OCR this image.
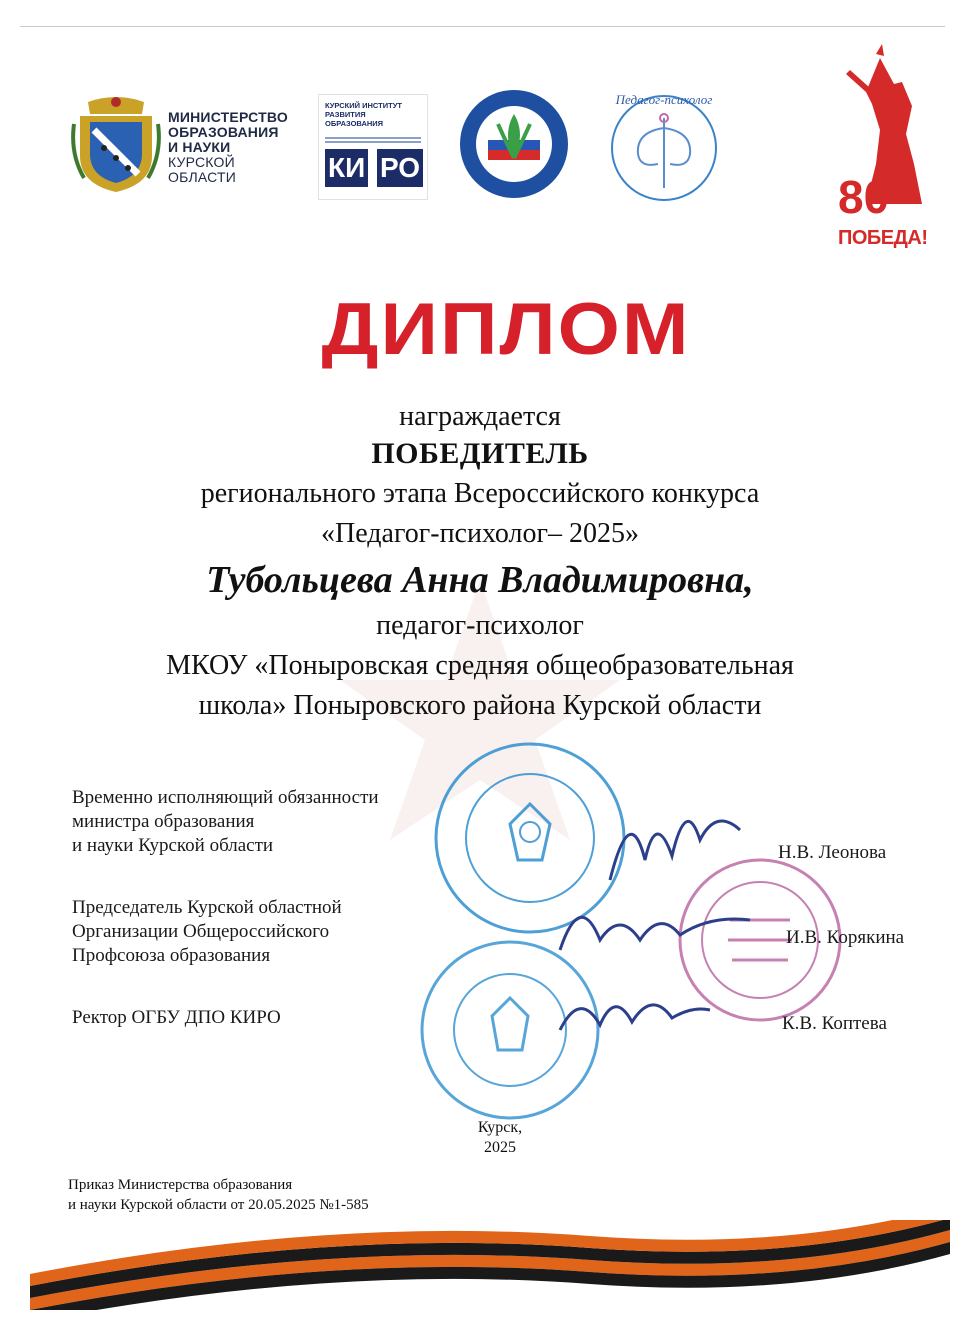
МИНИСТЕРСТВО
ОБРАЗОВАНИЯ
И НАУКИ
КУРСКОЙ
ОБЛАСТИ
КУРСКИЙ ИНСТИТУТ РАЗВИТИЯ ОБРАЗОВАНИЯ
КИ РО
Педагог-психолог
80
ПОБЕДА!
ДИПЛОМ
награждается
ПОБЕДИТЕЛЬ
регионального этапа Всероссийского конкурса
«Педагог-психолог– 2025»
Тубольцева Анна Владимировна,
педагог-психолог
МКОУ «Поныровская средняя общеобразовательная
школа» Поныровского района Курской области
Временно исполняющий обязанности
министра образования
и науки Курской области
Председатель Курской областной
Организации Общероссийского
Профсоюза образования
Ректор ОГБУ ДПО КИРО
Н.В. Леонова
И.В. Корякина
К.В. Коптева
Курск,
2025
Приказ Министерства образования
и науки Курской области от 20.05.2025 №1-585
